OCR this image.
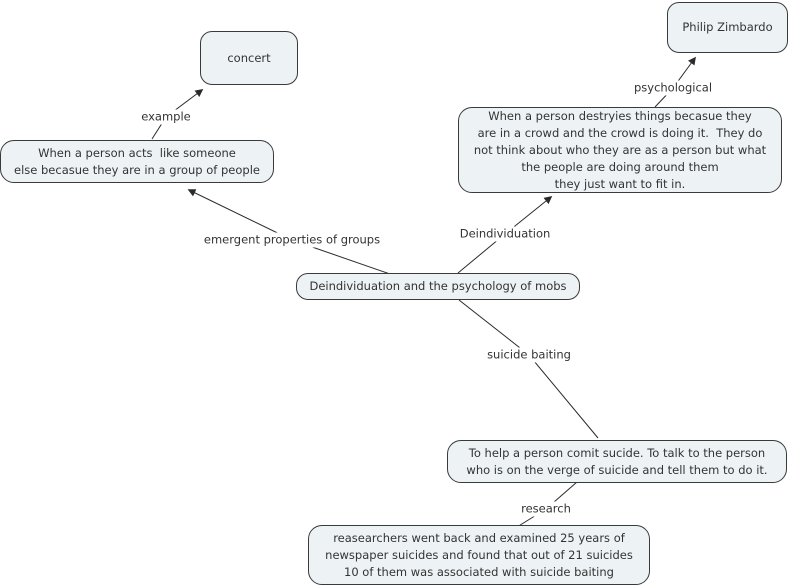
concert
Philip Zimbardo
When a person acts  like someone
else becasue they are in a group of people
When a person destryies things becasue they
are in a crowd and the crowd is doing it.  They do
not think about who they are as a person but what
the people are doing around them
they just want to fit in.
Deindividuation and the psychology of mobs
To help a person comit sucide. To talk to the person
who is on the verge of suicide and tell them to do it.
reasearchers went back and examined 25 years of
newspaper suicides and found that out of 21 suicides
10 of them was associated with suicide baiting
example
emergent properties of groups	Deindividuation
psychological
suicide baiting
research
